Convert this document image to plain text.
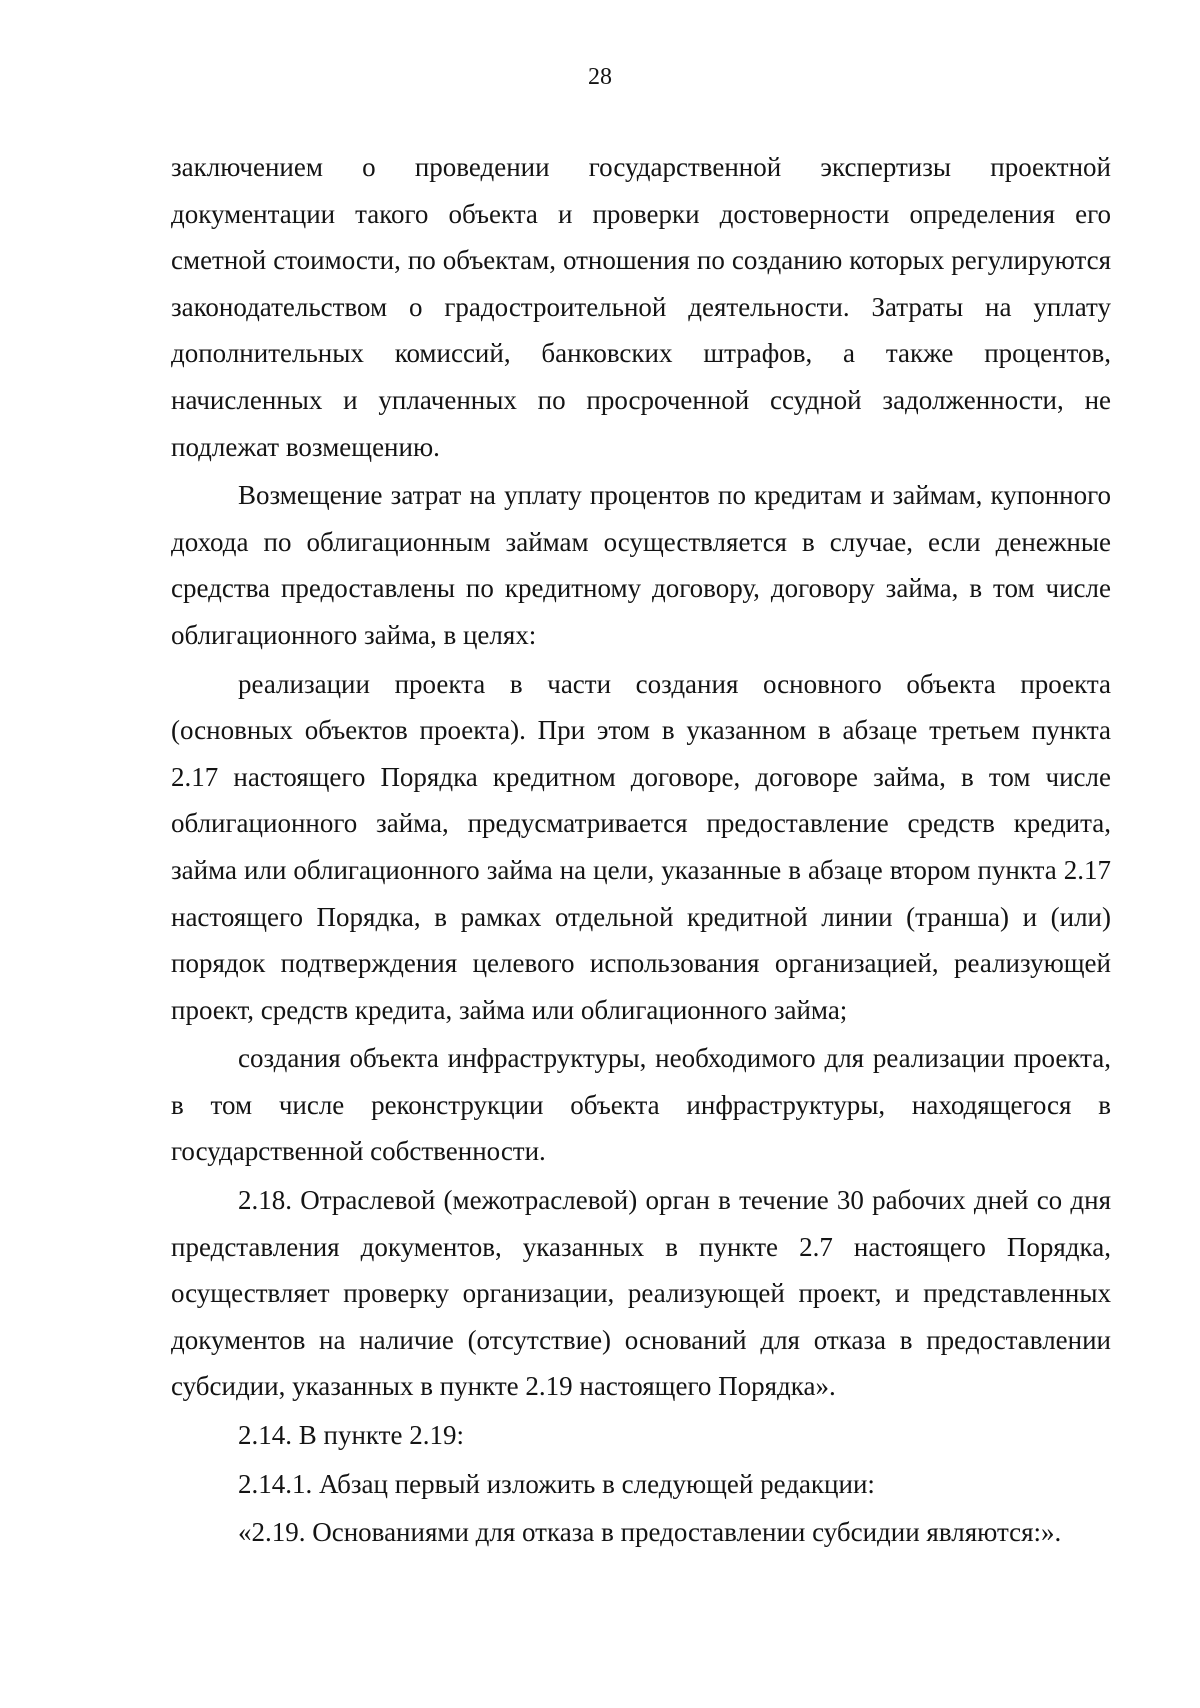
28

заключением о проведении государственной экспертизы проектной документации такого объекта и проверки достоверности определения его сметной стоимости, по объектам, отношения по созданию которых регулируются законодательством о градостроительной деятельности. Затраты на уплату дополнительных комиссий, банковских штрафов, а также процентов, начисленных и уплаченных по просроченной ссудной задолженности, не подлежат возмещению.

Возмещение затрат на уплату процентов по кредитам и займам, купонного дохода по облигационным займам осуществляется в случае, если денежные средства предоставлены по кредитному договору, договору займа, в том числе облигационного займа, в целях:

реализации проекта в части создания основного объекта проекта (основных объектов проекта). При этом в указанном в абзаце третьем пункта 2.17 настоящего Порядка кредитном договоре, договоре займа, в том числе облигационного займа, предусматривается предоставление средств кредита, займа или облигационного займа на цели, указанные в абзаце втором пункта 2.17 настоящего Порядка, в рамках отдельной кредитной линии (транша) и (или) порядок подтверждения целевого использования организацией, реализующей проект, средств кредита, займа или облигационного займа;

создания объекта инфраструктуры, необходимого для реализации проекта, в том числе реконструкции объекта инфраструктуры, находящегося в государственной собственности.

2.18. Отраслевой (межотраслевой) орган в течение 30 рабочих дней со дня представления документов, указанных в пункте 2.7 настоящего Порядка, осуществляет проверку организации, реализующей проект, и представленных документов на наличие (отсутствие) оснований для отказа в предоставлении субсидии, указанных в пункте 2.19 настоящего Порядка».

2.14. В пункте 2.19:

2.14.1. Абзац первый изложить в следующей редакции:

«2.19. Основаниями для отказа в предоставлении субсидии являются:».
